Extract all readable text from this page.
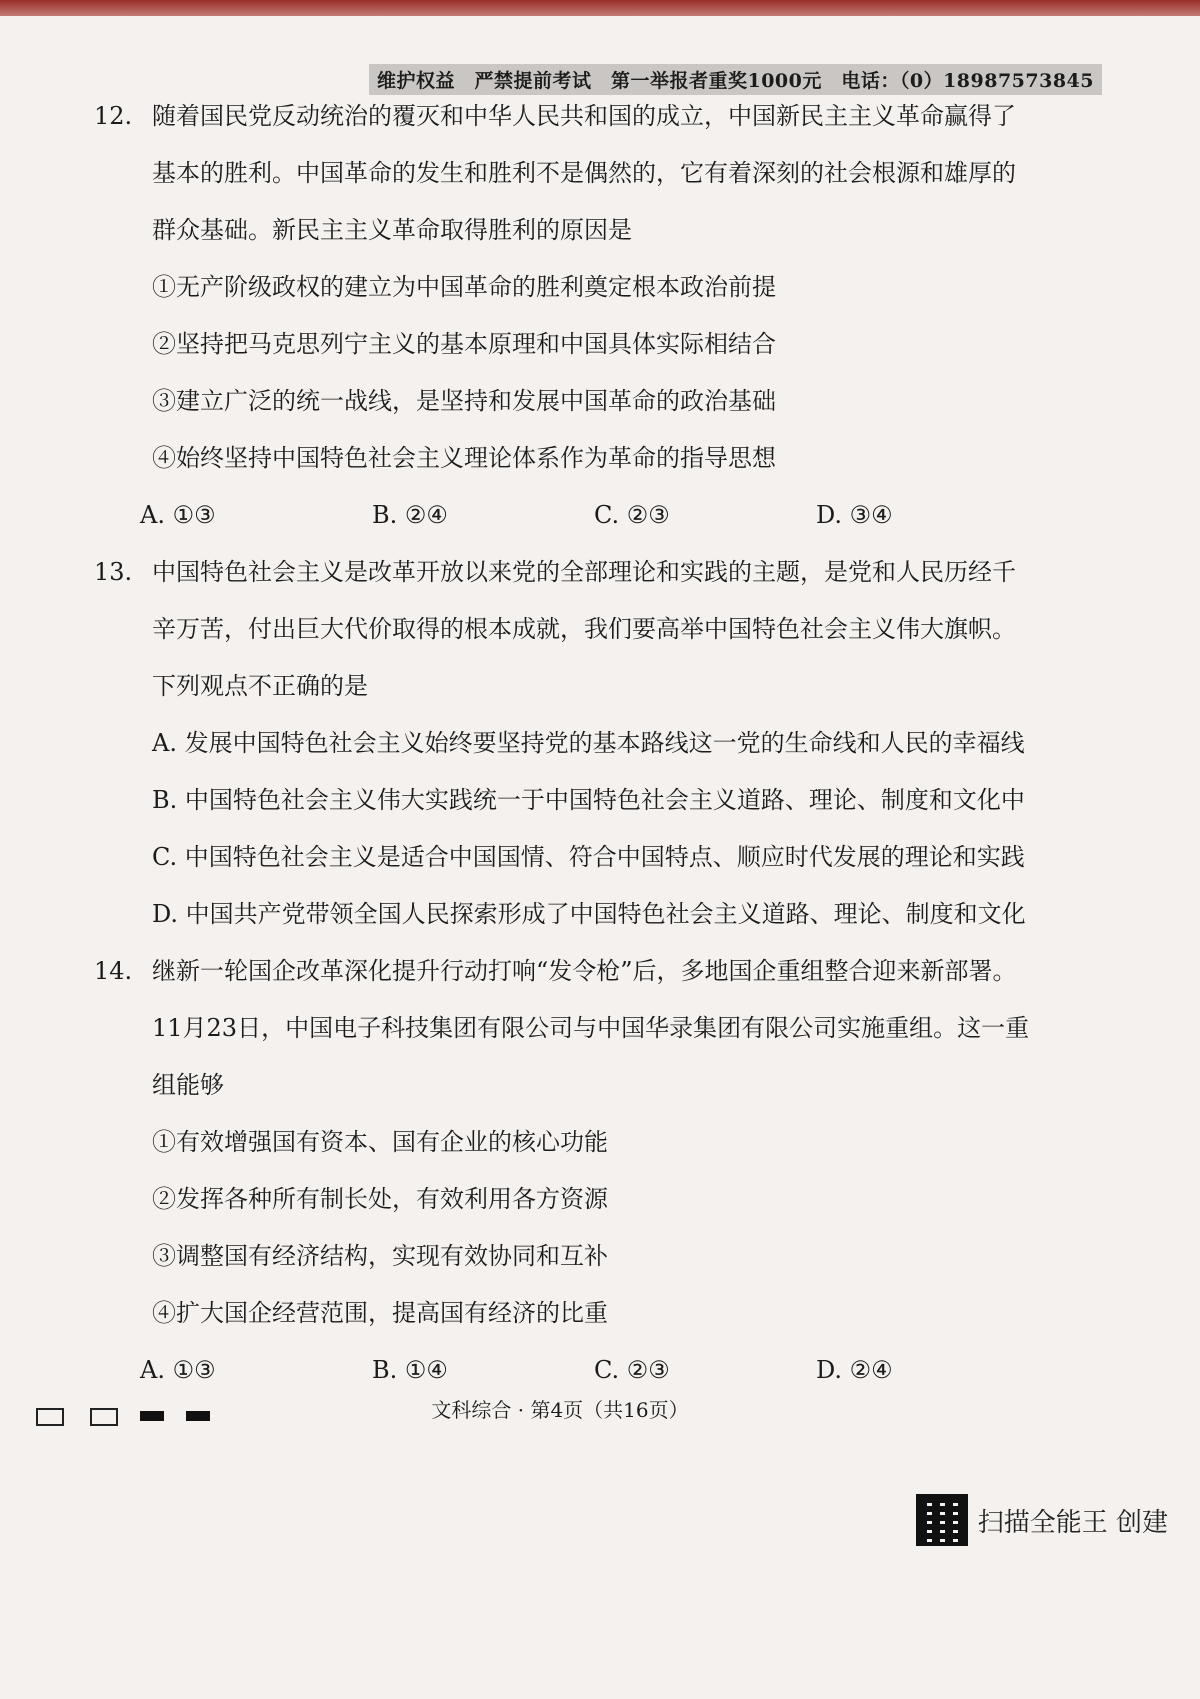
维护权益　严禁提前考试　第一举报者重奖1000元　电话：（0）18987573845
12. 随着国民党反动统治的覆灭和中华人民共和国的成立，中国新民主主义革命赢得了
基本的胜利。中国革命的发生和胜利不是偶然的，它有着深刻的社会根源和雄厚的
群众基础。新民主主义革命取得胜利的原因是
①无产阶级政权的建立为中国革命的胜利奠定根本政治前提
②坚持把马克思列宁主义的基本原理和中国具体实际相结合
③建立广泛的统一战线，是坚持和发展中国革命的政治基础
④始终坚持中国特色社会主义理论体系作为革命的指导思想
A. ①③	B. ②④	C. ②③	D. ③④
13. 中国特色社会主义是改革开放以来党的全部理论和实践的主题，是党和人民历经千
辛万苦，付出巨大代价取得的根本成就，我们要高举中国特色社会主义伟大旗帜。
下列观点不正确的是
A. 发展中国特色社会主义始终要坚持党的基本路线这一党的生命线和人民的幸福线
B. 中国特色社会主义伟大实践统一于中国特色社会主义道路、理论、制度和文化中
C. 中国特色社会主义是适合中国国情、符合中国特点、顺应时代发展的理论和实践
D. 中国共产党带领全国人民探索形成了中国特色社会主义道路、理论、制度和文化
14. 继新一轮国企改革深化提升行动打响“发令枪”后，多地国企重组整合迎来新部署。
11月23日，中国电子科技集团有限公司与中国华录集团有限公司实施重组。这一重
组能够
①有效增强国有资本、国有企业的核心功能
②发挥各种所有制长处，有效利用各方资源
③调整国有经济结构，实现有效协同和互补
④扩大国企经营范围，提高国有经济的比重
A. ①③	B. ①④	C. ②③	D. ②④
文科综合 · 第4页（共16页）
扫描全能王 创建
